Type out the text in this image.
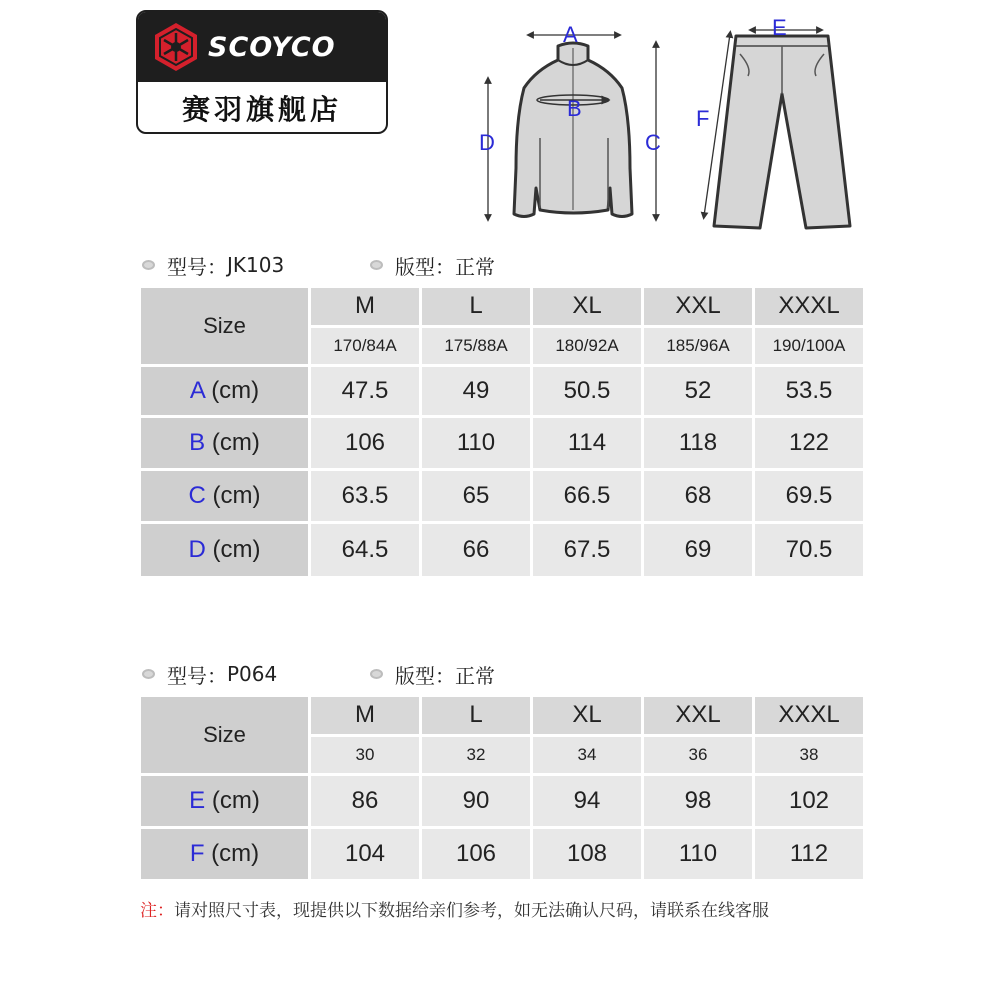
SCOYCO
赛羽旗舰店
A
B
C
D
E
F
型号： JK103	版型： 正常
Size	M	L	XL	XXL	XXXL
	170/84A	175/88A	180/92A	185/96A	190/100A
A (cm)	47.5	49	50.5	52	53.5
B (cm)	106	110	114	118	122
C (cm)	63.5	65	66.5	68	69.5
D (cm)	64.5	66	67.5	69	70.5
型号： P064	版型： 正常
Size	M	L	XL	XXL	XXXL
	30	32	34	36	38
E (cm)	86	90	94	98	102
F (cm)	104	106	108	110	112
注：请对照尺寸表，现提供以下数据给亲们参考，如无法确认尺码，请联系在线客服
